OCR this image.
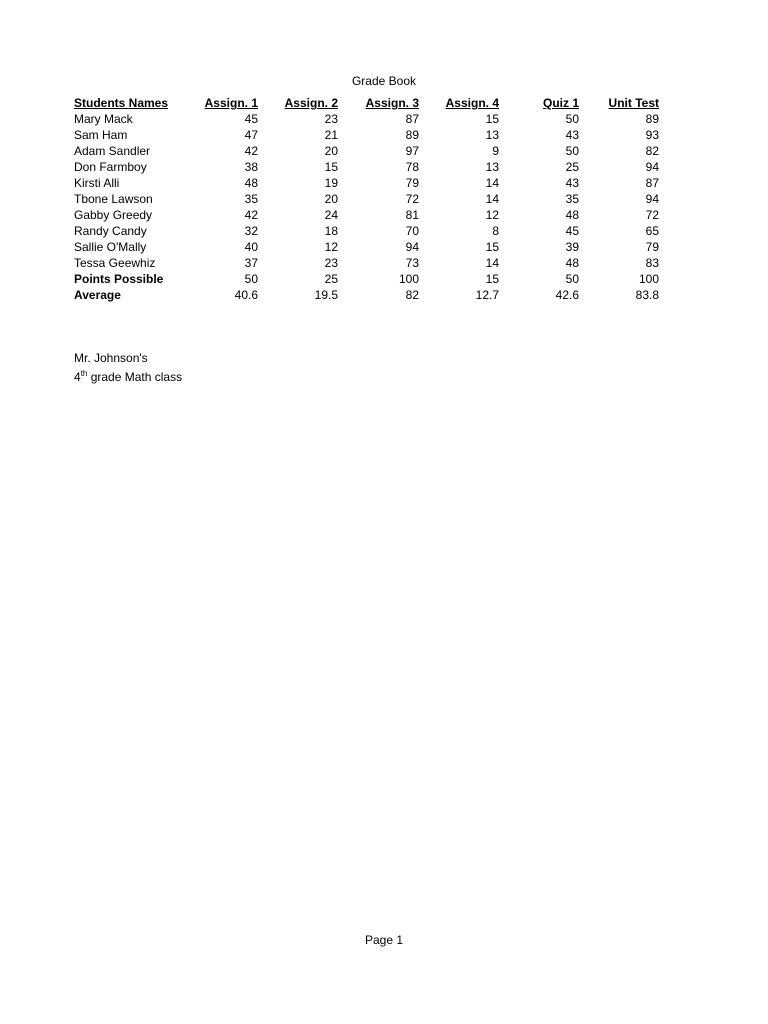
Grade Book
Students Names	Assign. 1	Assign. 2	Assign. 3	Assign. 4	Quiz 1	Unit Test
Mary Mack	45	23	87	15	50	89
Sam Ham	47	21	89	13	43	93
Adam Sandler	42	20	97	9	50	82
Don Farmboy	38	15	78	13	25	94
Kirsti Alli	48	19	79	14	43	87
Tbone Lawson	35	20	72	14	35	94
Gabby Greedy	42	24	81	12	48	72
Randy Candy	32	18	70	8	45	65
Sallie O'Mally	40	12	94	15	39	79
Tessa Geewhiz	37	23	73	14	48	83
Points Possible	50	25	100	15	50	100
Average	40.6	19.5	82	12.7	42.6	83.8
Mr. Johnson's
4th grade Math class
Page 1
